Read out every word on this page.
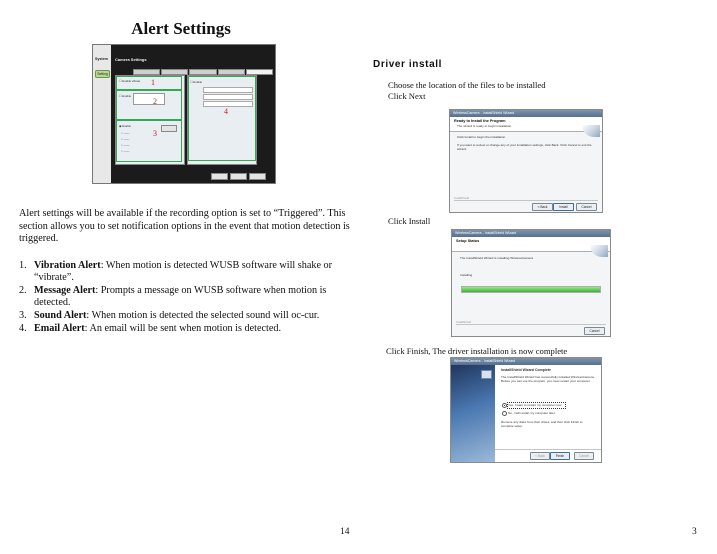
Alert Settings
System
Setting
Camera Settings
☐ Enable vibrate
☐ Enable
◉ Enable
○ ───
○ ───
○ ───
○ ───
☐ Enable
1
2
3
4
Alert settings will be available if the recording option is set to “Triggered”. This section allows you to set notification options in the event that motion detection is triggered.
1. Vibration Alert: When motion is detected WUSB software will shake or “vibrate”.
2. Message Alert: Prompts a message on WUSB software when motion is detected.
3. Sound Alert: When motion is detected the selected sound will oc-cur.
4. Email Alert: An email will be sent when motion is detected.
14
Driver install
Choose the location of the files to be installed
Click Next
WirelessCamera - InstallShield Wizard
Ready to Install the Program
The wizard is ready to begin installation.
Click Install to begin the installation.
If you want to review or change any of your installation settings, click Back. Click Cancel to exit the wizard.
InstallShield
< Back	Install	Cancel
Click Install
WirelessCamera - InstallShield Wizard
Setup Status
The InstallShield Wizard is installing WirelessCamera
Installing
InstallShield
Cancel
Click Finish, The driver installation is now complete
WirelessCamera - InstallShield Wizard
InstallShield Wizard Complete
The InstallShield Wizard has successfully installed WirelessCamera. Before you can use the program, you must restart your computer.
Yes, I want to restart my computer now.
No, I will restart my computer later.
Remove any disks from their drives, and then click Finish to complete setup.
< Back	Finish	Cancel
3
